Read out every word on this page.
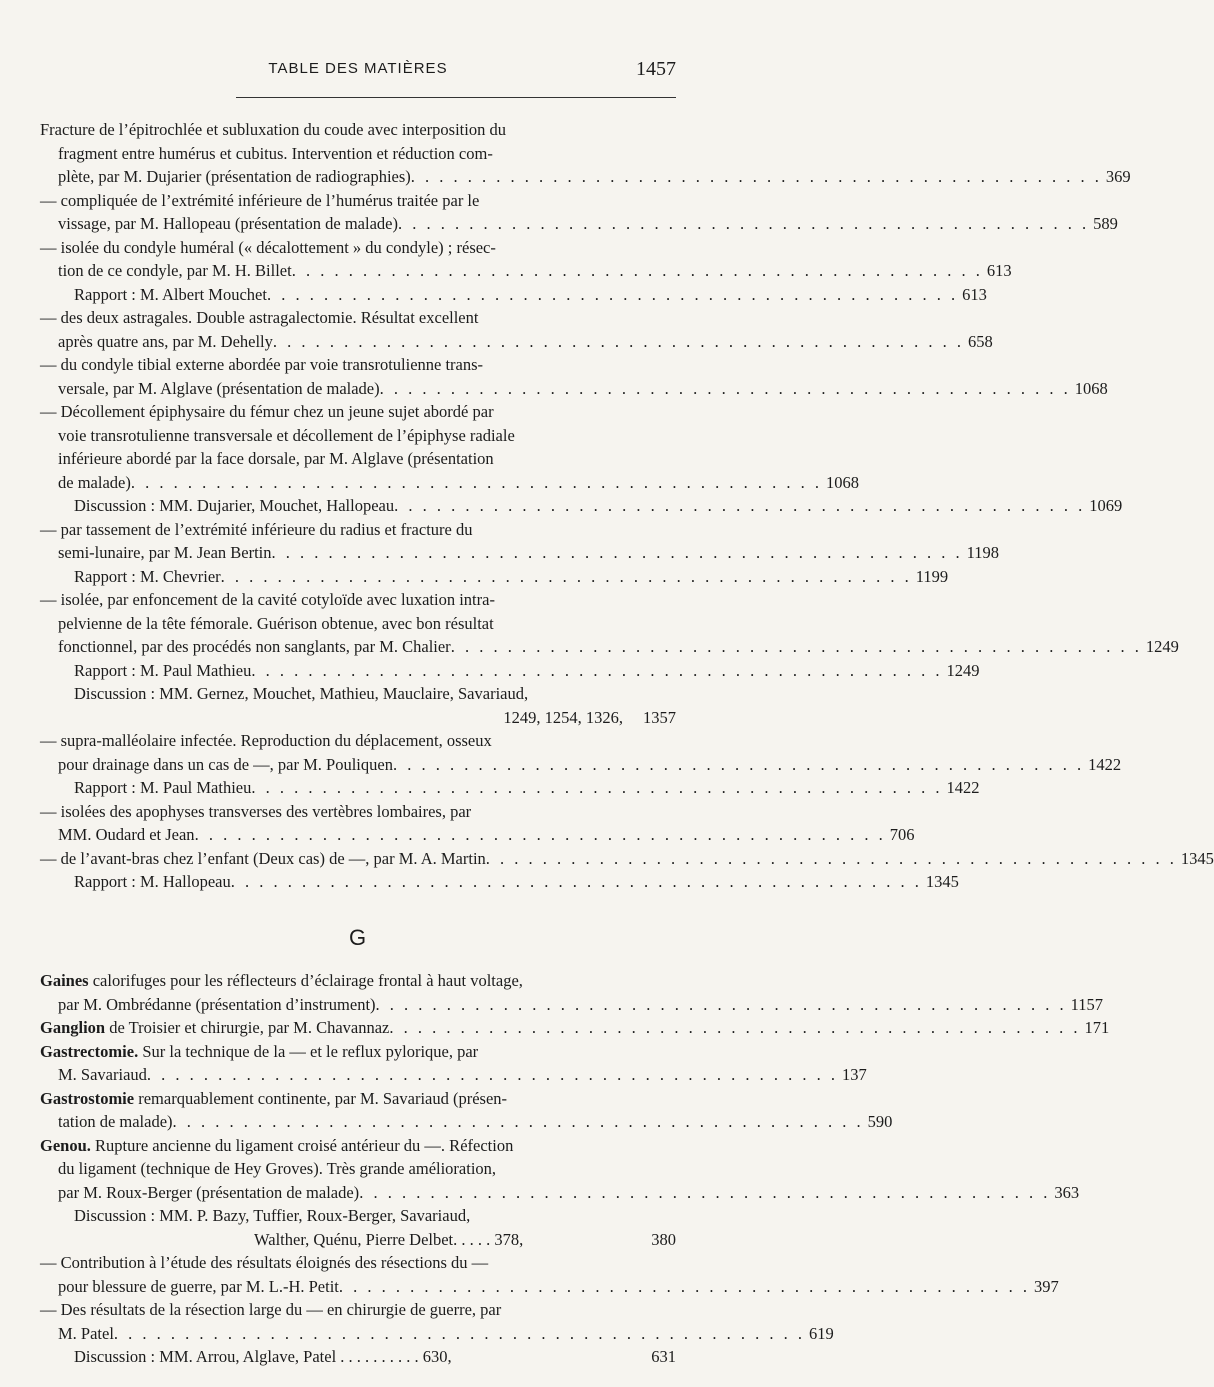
TABLE DES MATIÈRES	1457
Fracture de l’épitrochlée et subluxation du coude avec interposition du
fragment entre humérus et cubitus. Intervention et réduction com-
plète, par M. Dujarier (présentation de radiographies) . . . . . . . . . . . . . . . . . . . . . . . . . . . . . . . . . . . . . . . . . . . . . . . . . 369
— compliquée de l’extrémité inférieure de l’humérus traitée par le
vissage, par M. Hallopeau (présentation de malade) . . . . . . . . . . . . . . . . . . . . . . . . . . . . . . . . . . . . . . . . . . . . . . . . . 589
— isolée du condyle huméral (« décalottement » du condyle) ; résec-
tion de ce condyle, par M. H. Billet . . . . . . . . . . . . . . . . . . . . . . . . . . . . . . . . . . . . . . . . . . . . . . . . . 613
Rapport : M. Albert Mouchet . . . . . . . . . . . . . . . . . . . . . . . . . . . . . . . . . . . . . . . . . . . . . . . . . 613
— des deux astragales. Double astragalectomie. Résultat excellent
après quatre ans, par M. Dehelly . . . . . . . . . . . . . . . . . . . . . . . . . . . . . . . . . . . . . . . . . . . . . . . . . 658
— du condyle tibial externe abordée par voie transrotulienne trans-
versale, par M. Alglave (présentation de malade) . . . . . . . . . . . . . . . . . . . . . . . . . . . . . . . . . . . . . . . . . . . . . . . . . 1068
— Décollement épiphysaire du fémur chez un jeune sujet abordé par
voie transrotulienne transversale et décollement de l’épiphyse radiale
inférieure abordé par la face dorsale, par M. Alglave (présentation
de malade) . . . . . . . . . . . . . . . . . . . . . . . . . . . . . . . . . . . . . . . . . . . . . . . . . 1068
Discussion : MM. Dujarier, Mouchet, Hallopeau . . . . . . . . . . . . . . . . . . . . . . . . . . . . . . . . . . . . . . . . . . . . . . . . . 1069
— par tassement de l’extrémité inférieure du radius et fracture du
semi-lunaire, par M. Jean Bertin . . . . . . . . . . . . . . . . . . . . . . . . . . . . . . . . . . . . . . . . . . . . . . . . . 1198
Rapport : M. Chevrier . . . . . . . . . . . . . . . . . . . . . . . . . . . . . . . . . . . . . . . . . . . . . . . . . 1199
— isolée, par enfoncement de la cavité cotyloïde avec luxation intra-
pelvienne de la tête fémorale. Guérison obtenue, avec bon résultat
fonctionnel, par des procédés non sanglants, par M. Chalier . . . . . . . . . . . . . . . . . . . . . . . . . . . . . . . . . . . . . . . . . . . . . . . . . 1249
Rapport : M. Paul Mathieu . . . . . . . . . . . . . . . . . . . . . . . . . . . . . . . . . . . . . . . . . . . . . . . . . 1249
Discussion : MM. Gernez, Mouchet, Mathieu, Mauclaire, Savariaud,
1249, 1254, 1326,	1357
— supra-malléolaire infectée. Reproduction du déplacement, osseux
pour drainage dans un cas de —, par M. Pouliquen . . . . . . . . . . . . . . . . . . . . . . . . . . . . . . . . . . . . . . . . . . . . . . . . . 1422
Rapport : M. Paul Mathieu . . . . . . . . . . . . . . . . . . . . . . . . . . . . . . . . . . . . . . . . . . . . . . . . . 1422
— isolées des apophyses transverses des vertèbres lombaires, par
MM. Oudard et Jean . . . . . . . . . . . . . . . . . . . . . . . . . . . . . . . . . . . . . . . . . . . . . . . . . 706
— de l’avant-bras chez l’enfant (Deux cas) de —, par M. A. Martin . . . . . . . . . . . . . . . . . . . . . . . . . . . . . . . . . . . . . . . . . . . . . . . . . 1345
Rapport : M. Hallopeau . . . . . . . . . . . . . . . . . . . . . . . . . . . . . . . . . . . . . . . . . . . . . . . . . 1345
G
Gaines calorifuges pour les réflecteurs d’éclairage frontal à haut voltage,
par M. Ombrédanne (présentation d’instrument) . . . . . . . . . . . . . . . . . . . . . . . . . . . . . . . . . . . . . . . . . . . . . . . . . 1157
Ganglion de Troisier et chirurgie, par M. Chavannaz . . . . . . . . . . . . . . . . . . . . . . . . . . . . . . . . . . . . . . . . . . . . . . . . . 171
Gastrectomie. Sur la technique de la — et le reflux pylorique, par
M. Savariaud . . . . . . . . . . . . . . . . . . . . . . . . . . . . . . . . . . . . . . . . . . . . . . . . . 137
Gastrostomie remarquablement continente, par M. Savariaud (présen-
tation de malade) . . . . . . . . . . . . . . . . . . . . . . . . . . . . . . . . . . . . . . . . . . . . . . . . . 590
Genou. Rupture ancienne du ligament croisé antérieur du —. Réfection
du ligament (technique de Hey Groves). Très grande amélioration,
par M. Roux-Berger (présentation de malade) . . . . . . . . . . . . . . . . . . . . . . . . . . . . . . . . . . . . . . . . . . . . . . . . . 363
Discussion : MM. P. Bazy, Tuffier, Roux-Berger, Savariaud,
Walther, Quénu, Pierre Delbet. . . . . 378,	380
— Contribution à l’étude des résultats éloignés des résections du —
pour blessure de guerre, par M. L.-H. Petit . . . . . . . . . . . . . . . . . . . . . . . . . . . . . . . . . . . . . . . . . . . . . . . . . 397
— Des résultats de la résection large du — en chirurgie de guerre, par
M. Patel . . . . . . . . . . . . . . . . . . . . . . . . . . . . . . . . . . . . . . . . . . . . . . . . . 619
Discussion : MM. Arrou, Alglave, Patel . . . . . . . . . . 630,	631
